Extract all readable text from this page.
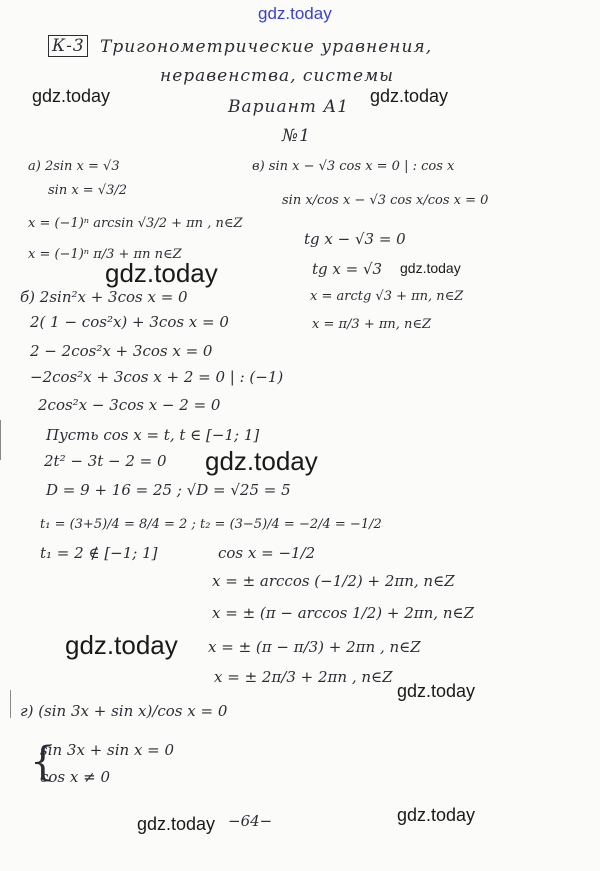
gdz.today
gdz.today	gdz.today
gdz.today	gdz.today
gdz.today
gdz.today
gdz.today
gdz.today	gdz.today
К-3 Тригонометрические уравнения,
неравенства, системы
Вариант А1
№1
а) 2sin x = √3
sin x = √3/2
x = (−1)ⁿ arcsin √3/2 + πn , n∈Z
x = (−1)ⁿ π/3 + πn n∈Z
б) 2sin²x + 3cos x = 0
2( 1 − cos²x) + 3cos x = 0
2 − 2cos²x + 3cos x = 0
−2cos²x + 3cos x + 2 = 0 | : (−1)
2cos²x − 3cos x − 2 = 0
Пусть cos x = t, t ∈ [−1; 1]
2t² − 3t − 2 = 0
D = 9 + 16 = 25 ; √D = √25 = 5
t₁ = (3+5)/4 = 8/4 = 2 ; t₂ = (3−5)/4 = −2/4 = −1/2
t₁ = 2 ∉ [−1; 1]	cos x = −1/2
x = ± arccos (−1/2) + 2πn, n∈Z
x = ± (π − arccos 1/2) + 2πn, n∈Z
x = ± (π − π/3) + 2πn , n∈Z
x = ± 2π/3 + 2πn , n∈Z
г) (sin 3x + sin x)/cos x = 0
sin 3x + sin x = 0
cos x ≠ 0
{
в) sin x − √3 cos x = 0 | : cos x
sin x/cos x − √3 cos x/cos x = 0
tg x − √3 = 0
tg x = √3
x = arctg √3 + πn, n∈Z
x = π/3 + πn, n∈Z
−64−
